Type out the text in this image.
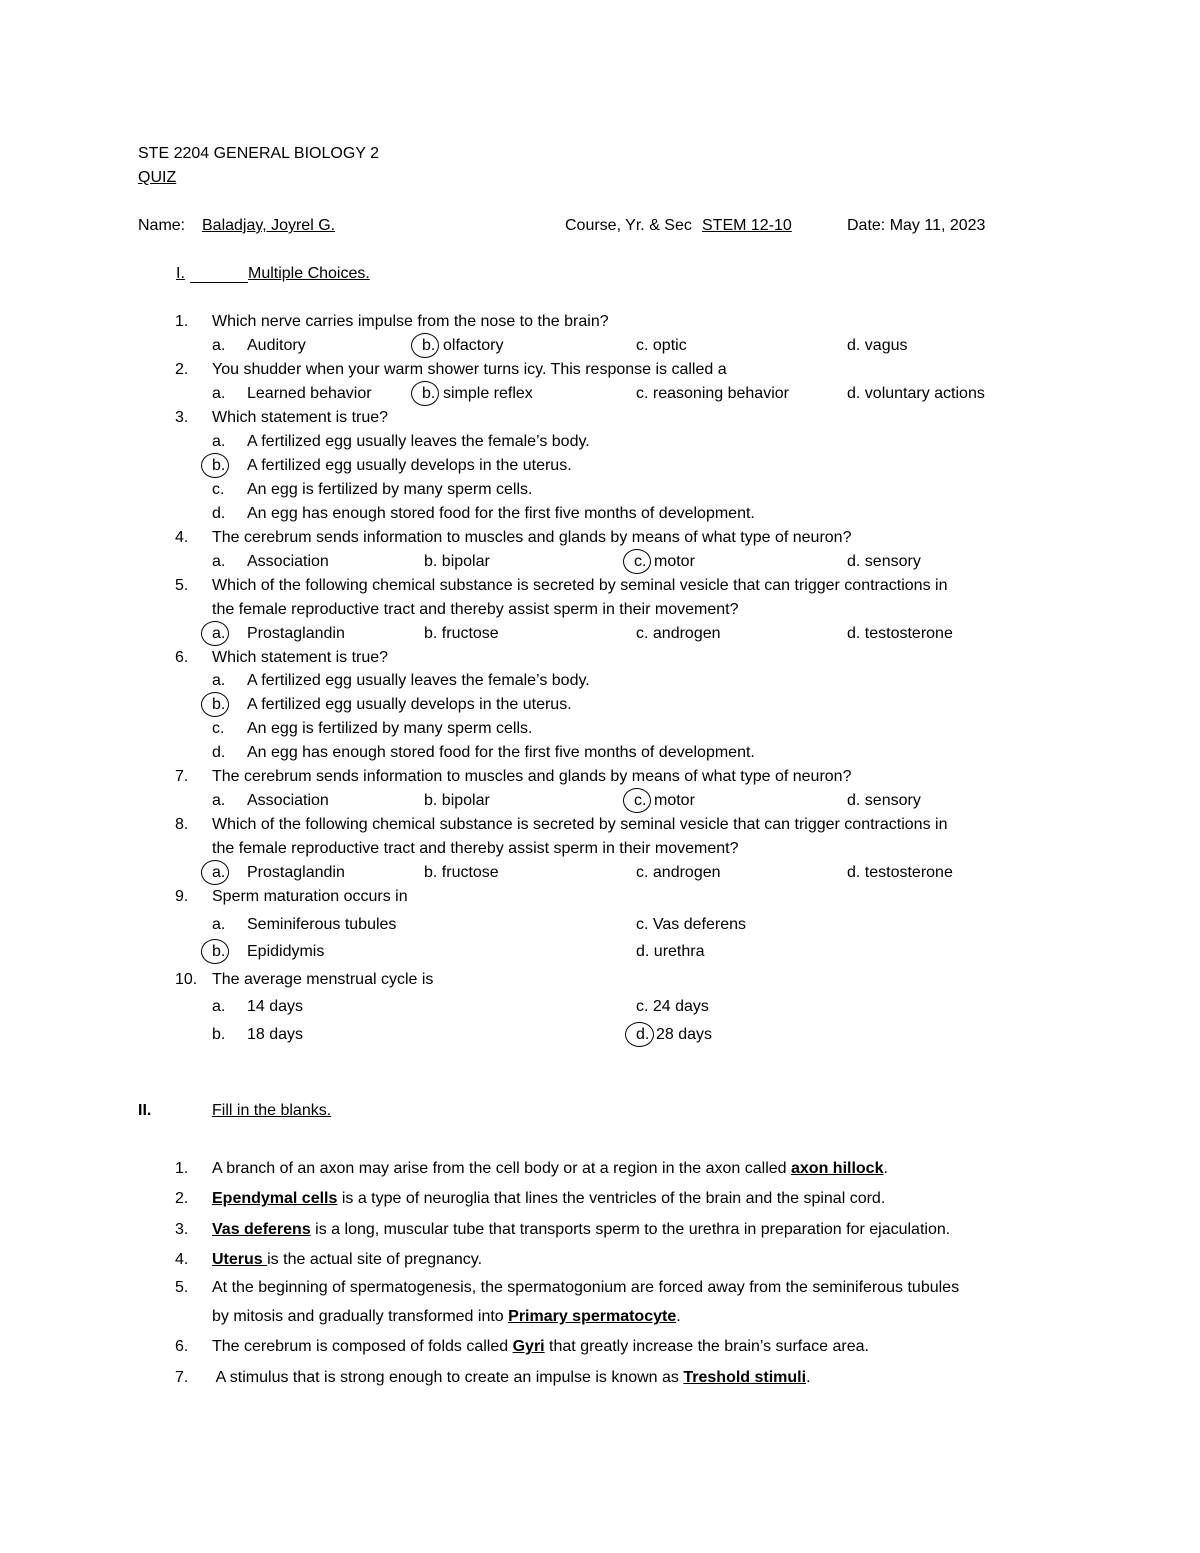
STE 2204 GENERAL BIOLOGY 2
QUIZ
Name: Baladjay, Joyrel G.	Course, Yr. & Sec STEM 12-10	Date: May 11, 2023
I.	Multiple Choices.
1. Which nerve carries impulse from the nose to the brain?
a. Auditory	b. olfactory	c. optic	d. vagus
2. You shudder when your warm shower turns icy. This response is called a
a. Learned behavior	b. simple reflex	c. reasoning behavior	d. voluntary actions
3. Which statement is true?
a. A fertilized egg usually leaves the female’s body.
b. A fertilized egg usually develops in the uterus.
c. An egg is fertilized by many sperm cells.
d. An egg has enough stored food for the first five months of development.
4. The cerebrum sends information to muscles and glands by means of what type of neuron?
a. Association	b. bipolar	c. motor	d. sensory
5. Which of the following chemical substance is secreted by seminal vesicle that can trigger contractions in
the female reproductive tract and thereby assist sperm in their movement?
a. Prostaglandin	b. fructose	c. androgen	d. testosterone
6. Which statement is true?
a. A fertilized egg usually leaves the female’s body.
b. A fertilized egg usually develops in the uterus.
c. An egg is fertilized by many sperm cells.
d. An egg has enough stored food for the first five months of development.
7. The cerebrum sends information to muscles and glands by means of what type of neuron?
a. Association	b. bipolar	c. motor	d. sensory
8. Which of the following chemical substance is secreted by seminal vesicle that can trigger contractions in
the female reproductive tract and thereby assist sperm in their movement?
a. Prostaglandin	b. fructose	c. androgen	d. testosterone
9. Sperm maturation occurs in
a. Seminiferous tubules	c. Vas deferens
b. Epididymis	d. urethra
10. The average menstrual cycle is
a. 14 days	c. 24 days
b. 18 days	d. 28 days
II.	Fill in the blanks.
1. A branch of an axon may arise from the cell body or at a region in the axon called axon hillock.
2. Ependymal cells is a type of neuroglia that lines the ventricles of the brain and the spinal cord.
3. Vas deferens is a long, muscular tube that transports sperm to the urethra in preparation for ejaculation.
4. Uterus is the actual site of pregnancy.
5. At the beginning of spermatogenesis, the spermatogonium are forced away from the seminiferous tubules
by mitosis and gradually transformed into Primary spermatocyte.
6. The cerebrum is composed of folds called Gyri that greatly increase the brain’s surface area.
7. A stimulus that is strong enough to create an impulse is known as Treshold stimuli.
